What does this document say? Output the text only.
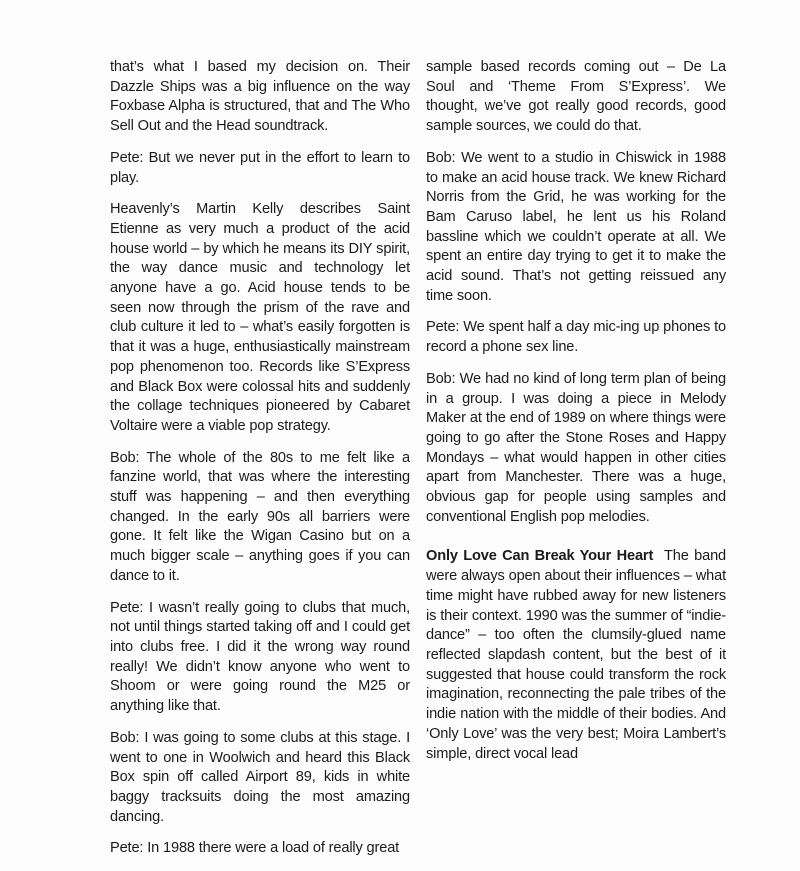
that’s what I based my decision on. Their Dazzle Ships was a big influence on the way Foxbase Alpha is structured, that and The Who Sell Out and the Head soundtrack.

Pete: But we never put in the effort to learn to play.

Heavenly’s Martin Kelly describes Saint Etienne as very much a product of the acid house world – by which he means its DIY spirit, the way dance music and technology let anyone have a go. Acid house tends to be seen now through the prism of the rave and club culture it led to – what’s easily forgotten is that it was a huge, enthusiastically mainstream pop phenomenon too. Records like S’Express and Black Box were colossal hits and suddenly the collage techniques pioneered by Cabaret Voltaire were a viable pop strategy.

Bob: The whole of the 80s to me felt like a fanzine world, that was where the interesting stuff was happening – and then everything changed. In the early 90s all barriers were gone. It felt like the Wigan Casino but on a much bigger scale – anything goes if you can dance to it.

Pete: I wasn’t really going to clubs that much, not until things started taking off and I could get into clubs free. I did it the wrong way round really! We didn’t know anyone who went to Shoom or were going round the M25 or anything like that.

Bob: I was going to some clubs at this stage. I went to one in Woolwich and heard this Black Box spin off called Airport 89, kids in white baggy tracksuits doing the most amazing dancing.

Pete: In 1988 there were a load of really great

sample based records coming out – De La Soul and ‘Theme From S’Express’. We thought, we’ve got really good records, good sample sources, we could do that.

Bob: We went to a studio in Chiswick in 1988 to make an acid house track. We knew Richard Norris from the Grid, he was working for the Bam Caruso label, he lent us his Roland bassline which we couldn’t operate at all. We spent an entire day trying to get it to make the acid sound. That’s not getting reissued any time soon.

Pete: We spent half a day mic-ing up phones to record a phone sex line.

Bob: We had no kind of long term plan of being in a group. I was doing a piece in Melody Maker at the end of 1989 on where things were going to go after the Stone Roses and Happy Mondays – what would happen in other cities apart from Manchester. There was a huge, obvious gap for people using samples and conventional English pop melodies.

Only Love Can Break Your Heart The band were always open about their influences – what time might have rubbed away for new listeners is their context. 1990 was the summer of “indie-dance” – too often the clumsily-glued name reflected slapdash content, but the best of it suggested that house could transform the rock imagination, reconnecting the pale tribes of the indie nation with the middle of their bodies. And ‘Only Love’ was the very best; Moira Lambert’s simple, direct vocal lead
